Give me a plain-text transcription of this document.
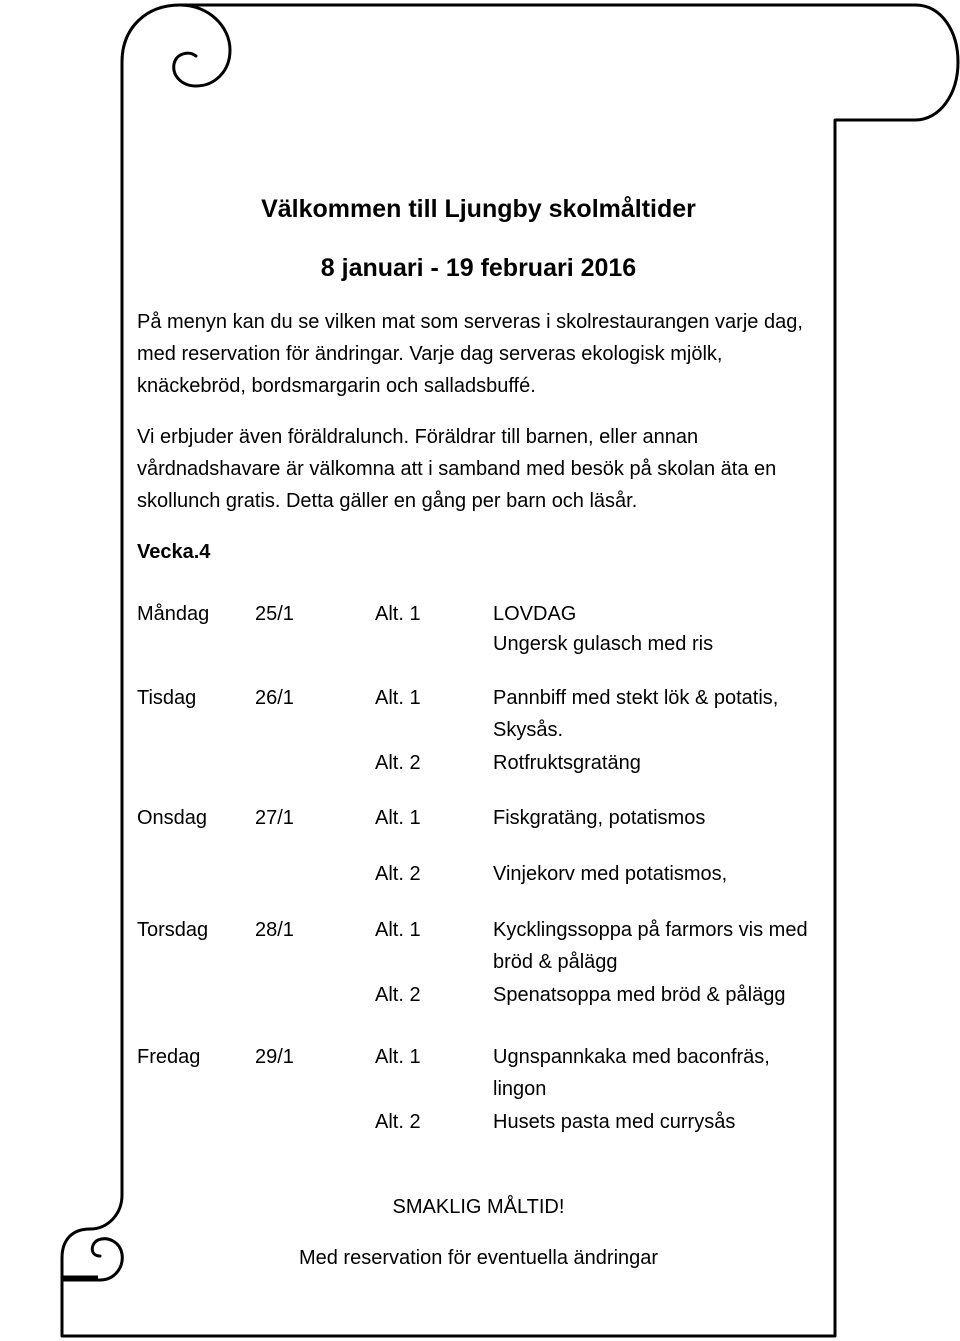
Välkommen till Ljungby skolmåltider
8 januari - 19 februari 2016
På menyn kan du se vilken mat som serveras i skolrestaurangen varje dag,
med reservation för ändringar. Varje dag serveras ekologisk mjölk,
knäckebröd, bordsmargarin och salladsbuffé.
Vi erbjuder även föräldralunch. Föräldrar till barnen, eller annan
vårdnadshavare är välkomna att i samband med besök på skolan äta en
skollunch gratis. Detta gäller en gång per barn och läsår.
Vecka.4
Måndag 25/1	Alt. 1	LOVDAG
Ungersk gulasch med ris
Tisdag	26/1	Alt. 1	Pannbiff med stekt lök & potatis,
Skysås.
Alt. 2	Rotfruktsgratäng
Onsdag 27/1	Alt. 1	Fiskgratäng, potatismos
Alt. 2	Vinjekorv med potatismos,
Torsdag 28/1	Alt. 1	Kycklingssoppa på farmors vis med
bröd & pålägg
Alt. 2	Spenatsoppa med bröd & pålägg
Fredag	29/1	Alt. 1	Ugnspannkaka med baconfräs,
lingon
Alt. 2	Husets pasta med currysås
SMAKLIG MÅLTID!
Med reservation för eventuella ändringar
